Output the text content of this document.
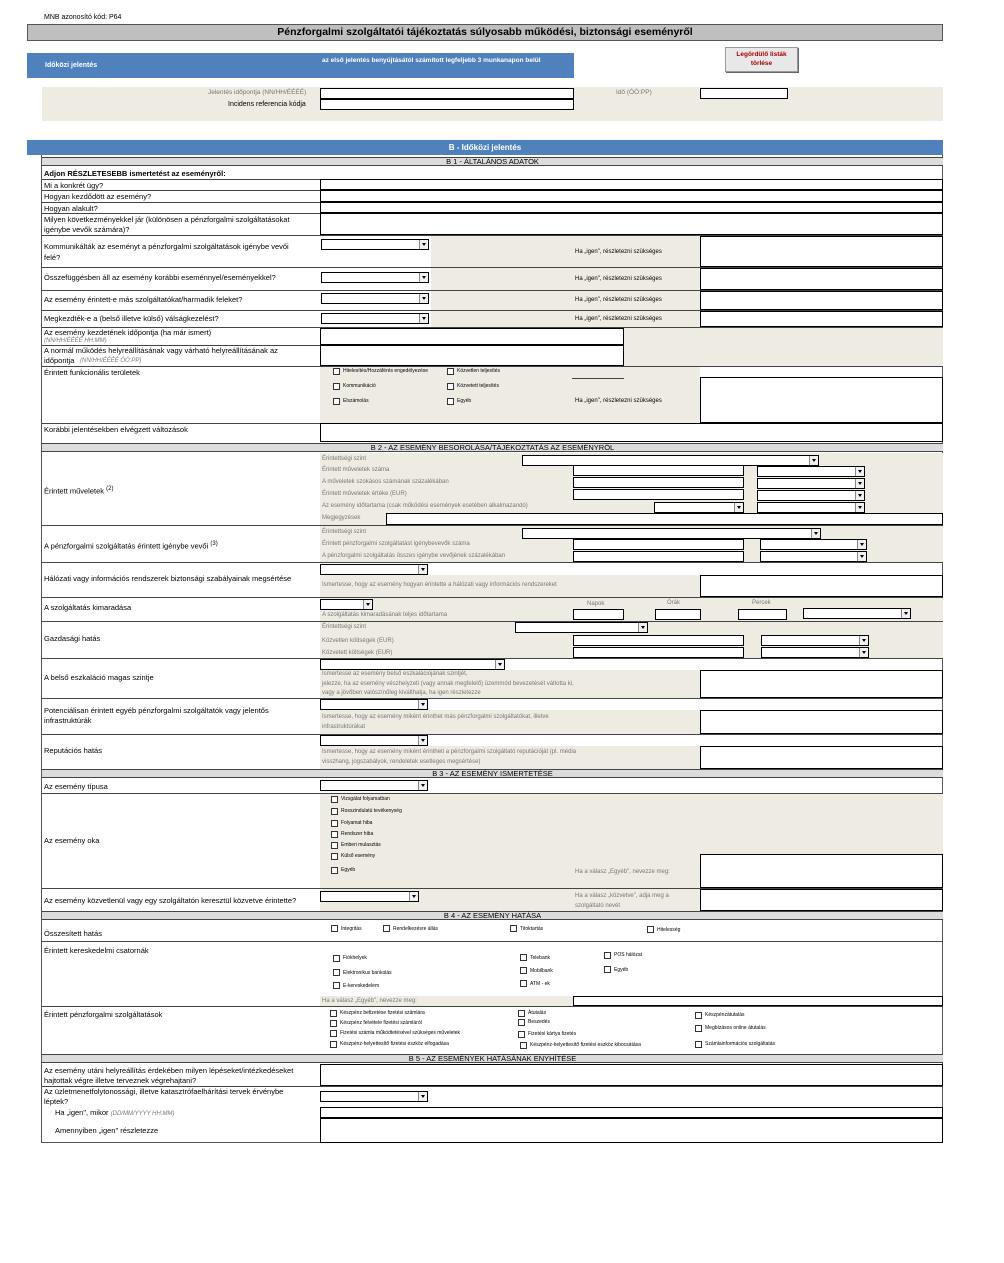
MNB azonosító kód: P64
Pénzforgalmi szolgáltatói tájékoztatás súlyosabb működési, biztonsági eseményről
Időközi jelentés
az első jelentés benyújtásától számított legfeljebb 3 munkanapon belül
Legördülő listák törlése
Jelentés időpontja (NN/HH/ÉÉÉÉ)	Idő (ÓÓ:PP)
Incidens referencia kódja
B - Időközi jelentés
B 1 - ÁLTALÁNOS ADATOK
Adjon RÉSZLETESEBB ismertetést az eseményről:
Mi a konkrét ügy?
Hogyan kezdődött az esemény?
Hogyan alakult?
Milyen következményekkel jár (különösen a pénzforgalmi szolgáltatásokat
igénybe vevők számára)?
Kommunikálták az eseményt a pénzforgalmi szolgáltatások igénybe vevői
felé?
Ha „igen", részletezni szükséges
Összefüggésben áll az esemény korábbi eseménnyel/eseményekkel?	Ha „igen", részletezni szükséges
Az esemény érintett-e más szolgáltatókat/harmadik feleket?	Ha „igen", részletezni szükséges
Megkezdték-e a (belső illetve külső) válságkezelést?	Ha „igen", részletezni szükséges
Az esemény kezdetének időpontja (ha már ismert)
(NN/HH/ÉÉÉÉ HH:MM)
A normál működés helyreállításának vagy várható helyreállításának az
időpontja (NN/HH/ÉÉÉÉ ÓÓ:PP)
Érintett funkcionális területek	Hitelesítés/Hozzáférés engedélyezése	Közvetlen teljesítés
Kommunikáció	Közvetett teljesítés
Elszámolás	Egyéb	Ha „igen", részletezni szükséges
Korábbi jelentésekben elvégzett változások
B 2 - AZ ESEMÉNY BESOROLÁSA/TÁJÉKOZTATÁS AZ ESEMÉNYRŐL
Érintett műveletek $^{(2)}$
Érintettségi szint
Érintett műveletek száma
A műveletek szokásos számának százalékában
Érintett műveletek értéke (EUR)
Az esemény időtartama (csak működési események esetében alkalmazandó)
Megjegyzések
A pénzforgalmi szolgáltatás érintett igénybe vevői $^{(3)}$
Érintettségi szint
Érintett pénzforgalmi szolgáltatást igénybevevők száma
A pénzforgalmi szolgáltatás összes igénybe vevőjének százalékában
Hálózati vagy információs rendszerek biztonsági szabályainak megsértése
Ismertesse, hogy az esemény hogyan érintette a hálózati vagy információs rendszereket
A szolgáltatás kimaradása
A szolgáltatás kimaradásának teljes időtartama
Napok	Órák	Percek
Gazdasági hatás
Érintettségi szint
Közvetlen költségek (EUR)
Közvetett költségek (EUR)
A belső eszkaláció magas szintje	Ismertesse az esemény belső eszkalációjának szintjét,
jelezze, ha az esemény vészhelyzeti (vagy annak megfelelő) üzemmód bevezetését váltotta ki,
vagy a jövőben valószínűleg kiválthatja, ha igen részletezze
Potenciálisan érintett egyéb pénzforgalmi szolgáltatók vagy jelentős
infrastruktúrák	Ismertesse, hogy az esemény miként érinthet más pénzforgalmi szolgáltatókat, illetve
infrastruktúrákat
Reputációs hatás	Ismertesse, hogy az esemény miként érintheti a pénzforgalmi szolgáltató reputációját (pl. média
visszhang, jogszabályok, rendeletek esetleges megsértése)
B 3 - AZ ESEMÉNY ISMERTETÉSE
Az esemény típusa
Az esemény oka
Vizsgálat folyamatban
Rosszindulatú tevékenység
Folyamat hiba
Rendszer hiba
Emberi mulasztás
Külső esemény
Egyéb	Ha a válasz „Egyéb", nevezze meg:
Az esemény közvetlenül vagy egy szolgáltatón keresztül közvetve érintette?	Ha a válasz „közvetve", adja meg a
szolgáltató nevét
B 4 - AZ ESEMÉNY HATÁSA
Összesített hatás	Integritás	Rendelkezésre állás	Titoktartás	Hitelesség
Érintett kereskedelmi csatornák
Fiókhelyek
Elektronikus bankolás
E-kereskedelem
Telebank
Mobilbank
ATM - ek
POS hálózat
Egyéb
Ha a válasz „Egyéb", nevezze meg:
Érintett pénzforgalmi szolgáltatások	Készpénz befizetése fizetési számlára
Készpénz felvétele fizetési számláról
Fizetési számla működtetésével szükséges műveletek
Készpénz-helyettesítő fizetési eszköz elfogadása
Átutalás
Beszedés
Fizetési kártya fizetés
Készpénz-helyettesítő fizetési eszköz kibocsátása
Készpénzátutalás
Megbízásos online átutalás
Számlainformációs szolgáltatás
B 5 - AZ ESEMÉNYEK HATÁSÁNAK ENYHÍTÉSE
Az esemény utáni helyreállítás érdekében milyen lépéseket/intézkedéseket
hajtottak végre illetve terveznek végrehajtani?
Az üzletmenetfolytonossági, illetve katasztrófaelhárítási tervek érvénybe
léptek?
Ha „igen", mikor (DD/MM/YYYY HH:MM)
Amennyiben „igen" részletezze
